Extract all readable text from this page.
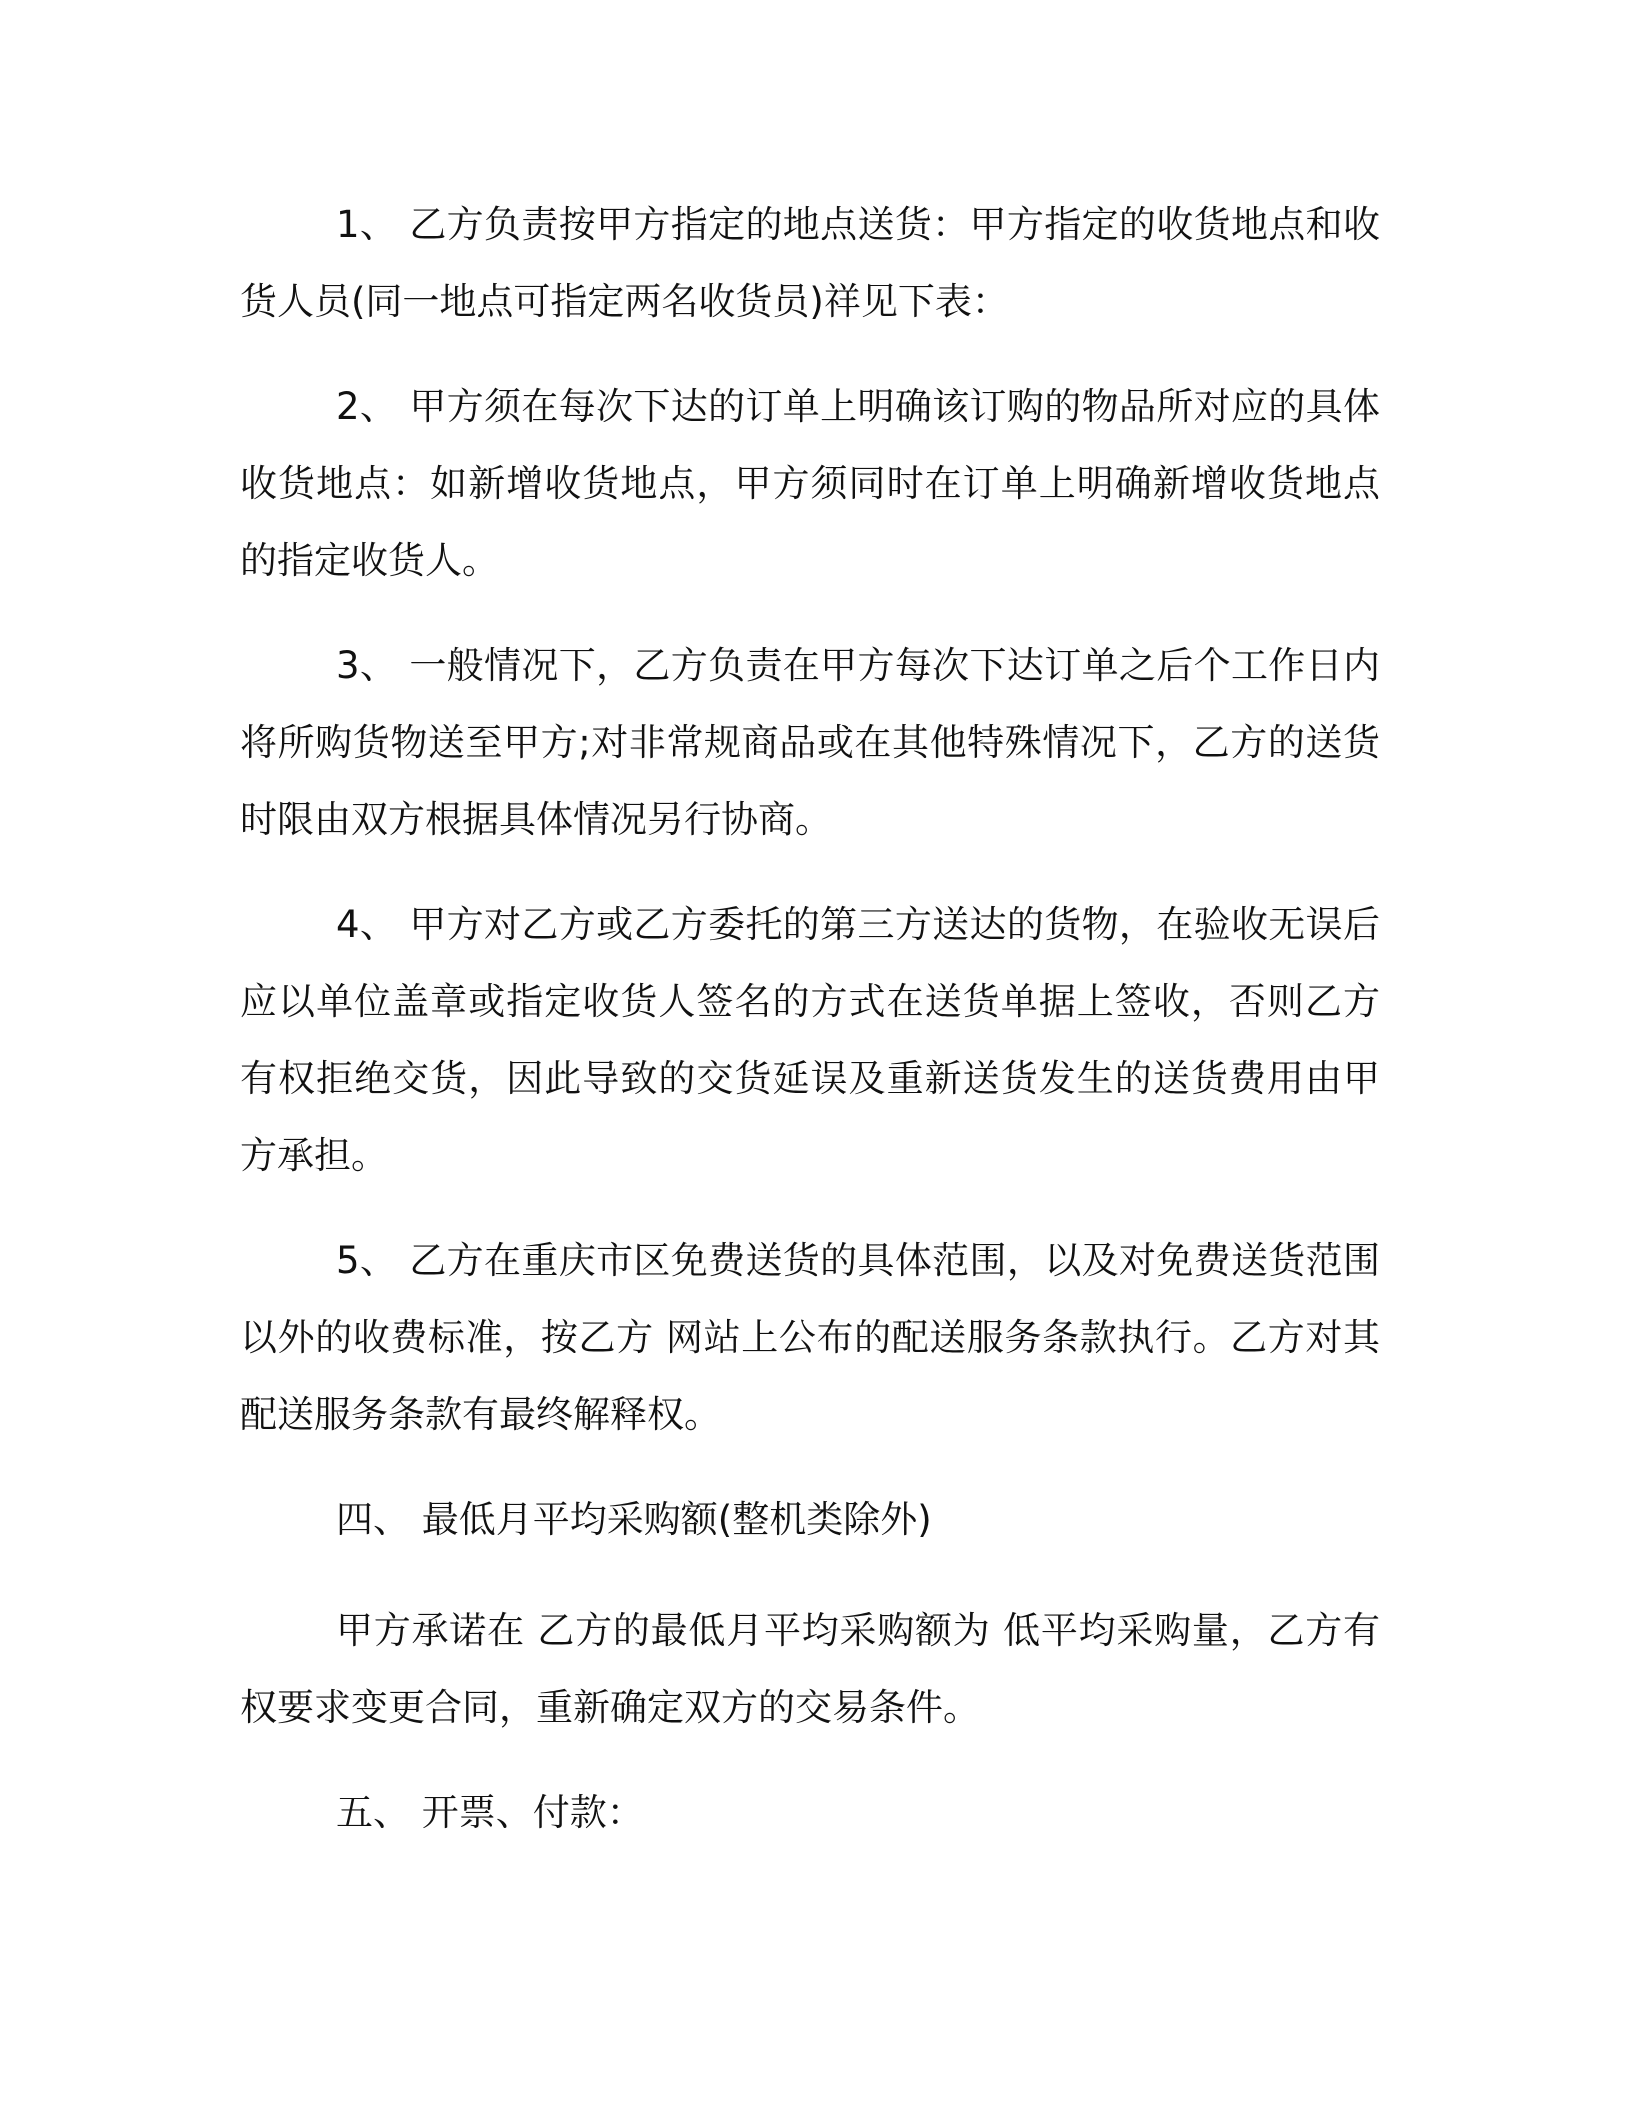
1、 乙方负责按甲方指定的地点送货：甲方指定的收货地点和收货人员(同一地点可指定两名收货员)祥见下表：

2、 甲方须在每次下达的订单上明确该订购的物品所对应的具体收货地点：如新增收货地点，甲方须同时在订单上明确新增收货地点的指定收货人。

3、 一般情况下，乙方负责在甲方每次下达订单之后个工作日内将所购货物送至甲方;对非常规商品或在其他特殊情况下，乙方的送货时限由双方根据具体情况另行协商。

4、 甲方对乙方或乙方委托的第三方送达的货物，在验收无误后应以单位盖章或指定收货人签名的方式在送货单据上签收，否则乙方有权拒绝交货，因此导致的交货延误及重新送货发生的送货费用由甲方承担。

5、 乙方在重庆市区免费送货的具体范围，以及对免费送货范围以外的收费标准，按乙方 网站上公布的配送服务条款执行。乙方对其配送服务条款有最终解释权。

四、 最低月平均采购额(整机类除外)

甲方承诺在 乙方的最低月平均采购额为 低平均采购量，乙方有权要求变更合同，重新确定双方的交易条件。

五、 开票、付款：
